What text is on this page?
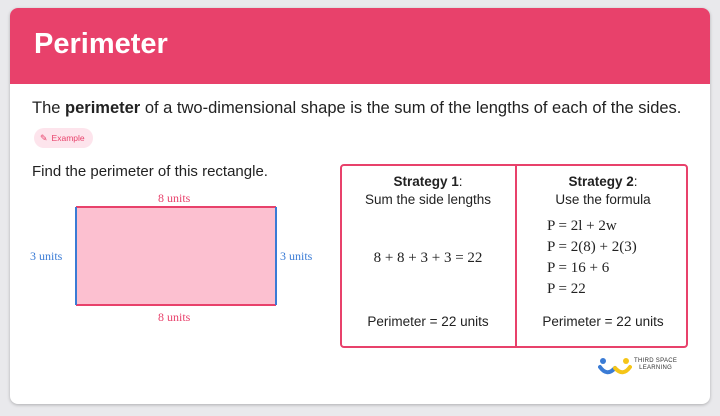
Perimeter
The perimeter of a two-dimensional shape is the sum of the lengths of each of the sides.
✎ Example
Find the perimeter of this rectangle.
8 units
8 units
3 units	3 units
Strategy 1:
Sum the side lengths
8 + 8 + 3 + 3 = 22
Perimeter = 22 units
Strategy 2:
Use the formula
P = 2l + 2w
P = 2(8) + 2(3)
P = 16 + 6
P = 22
Perimeter = 22 units
THIRD SPACE
LEARNING
